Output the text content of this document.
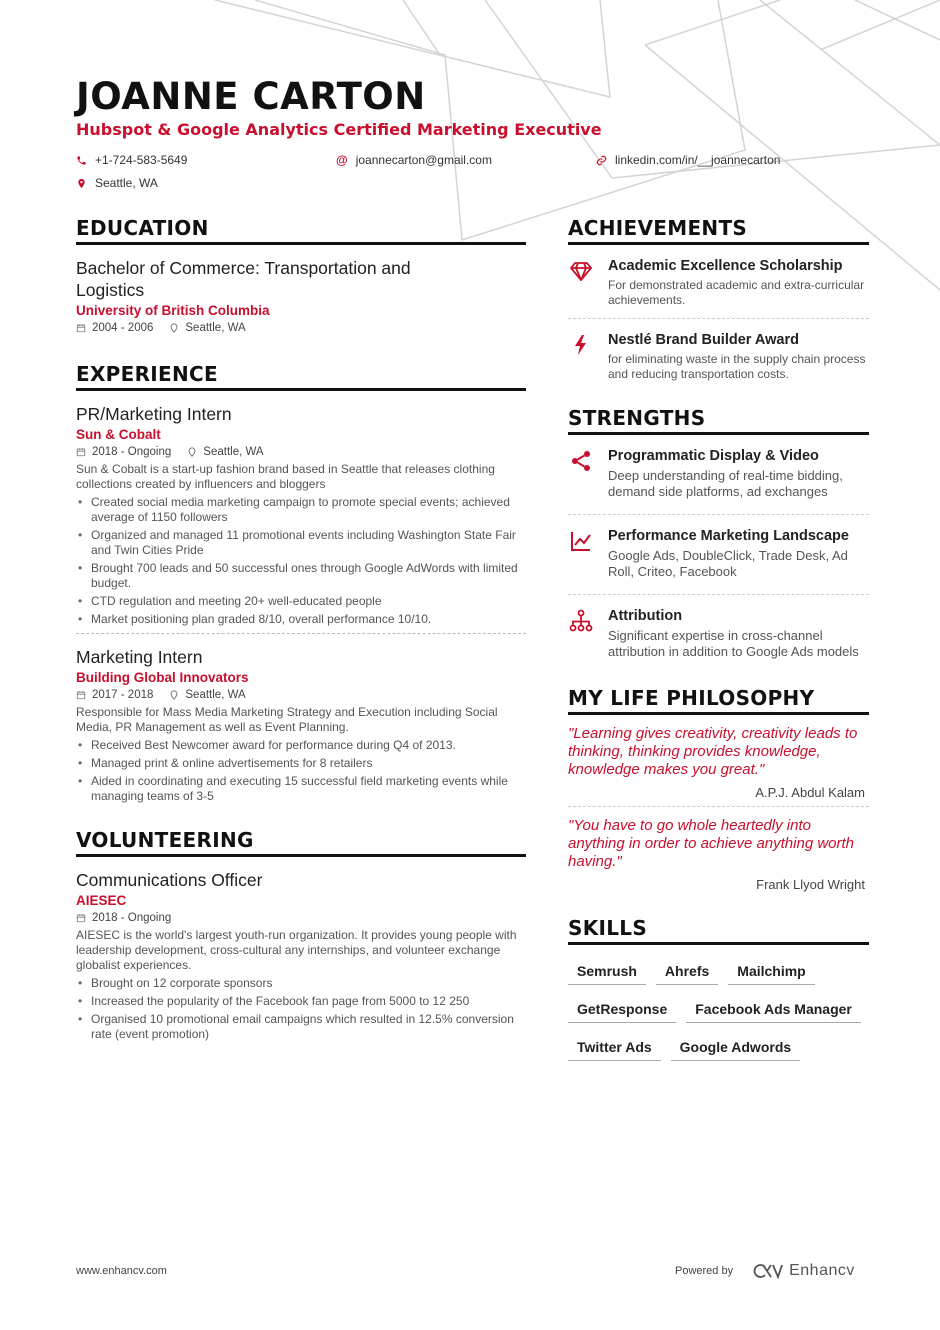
JOANNE CARTON
Hubspot & Google Analytics Certified Marketing Executive
+1-724-583-5649	@ joannecarton@gmail.com	linkedin.com/in/__joannecarton
Seattle, WA
EDUCATION
Bachelor of Commerce: Transportation and Logistics
University of British Columbia
2004 - 2006	Seattle, WA
EXPERIENCE
PR/Marketing Intern
Sun & Cobalt
2018 - Ongoing	Seattle, WA
Sun & Cobalt is a start-up fashion brand based in Seattle that releases clothing collections created by influencers and bloggers
• Created social media marketing campaign to promote special events; achieved average of 1150 followers
• Organized and managed 11 promotional events including Washington State Fair and Twin Cities Pride
• Brought 700 leads and 50 successful ones through Google AdWords with limited budget.
• CTD regulation and meeting 20+ well-educated people
• Market positioning plan graded 8/10, overall performance 10/10.
Marketing Intern
Building Global Innovators
2017 - 2018	Seattle, WA
Responsible for Mass Media Marketing Strategy and Execution including Social Media, PR Management as well as Event Planning.
• Received Best Newcomer award for performance during Q4 of 2013.
• Managed print & online advertisements for 8 retailers
• Aided in coordinating and executing 15 successful field marketing events while managing teams of 3-5
VOLUNTEERING
Communications Officer
AIESEC
2018 - Ongoing
AIESEC is the world's largest youth-run organization. It provides young people with leadership development, cross-cultural any internships, and volunteer exchange globalist experiences.
• Brought on 12 corporate sponsors
• Increased the popularity of the Facebook fan page from 5000 to 12 250
• Organised 10 promotional email campaigns which resulted in 12.5% conversion rate (event promotion)
ACHIEVEMENTS
Academic Excellence Scholarship
For demonstrated academic and extra-curricular achievements.
Nestlé Brand Builder Award
for eliminating waste in the supply chain process and reducing transportation costs.
STRENGTHS
Programmatic Display & Video
Deep understanding of real-time bidding, demand side platforms, ad exchanges
Performance Marketing Landscape
Google Ads, DoubleClick, Trade Desk, Ad Roll, Criteo, Facebook
Attribution
Significant expertise in cross-channel attribution in addition to Google Ads models
MY LIFE PHILOSOPHY
"Learning gives creativity, creativity leads to thinking, thinking provides knowledge, knowledge makes you great."
A.P.J. Abdul Kalam
"You have to go whole heartedly into anything in order to achieve anything worth having."
Frank Llyod Wright
SKILLS
Semrush	Ahrefs	Mailchimp
GetResponse	Facebook Ads Manager
Twitter Ads	Google Adwords
www.enhancv.com	Powered by	Enhancv
